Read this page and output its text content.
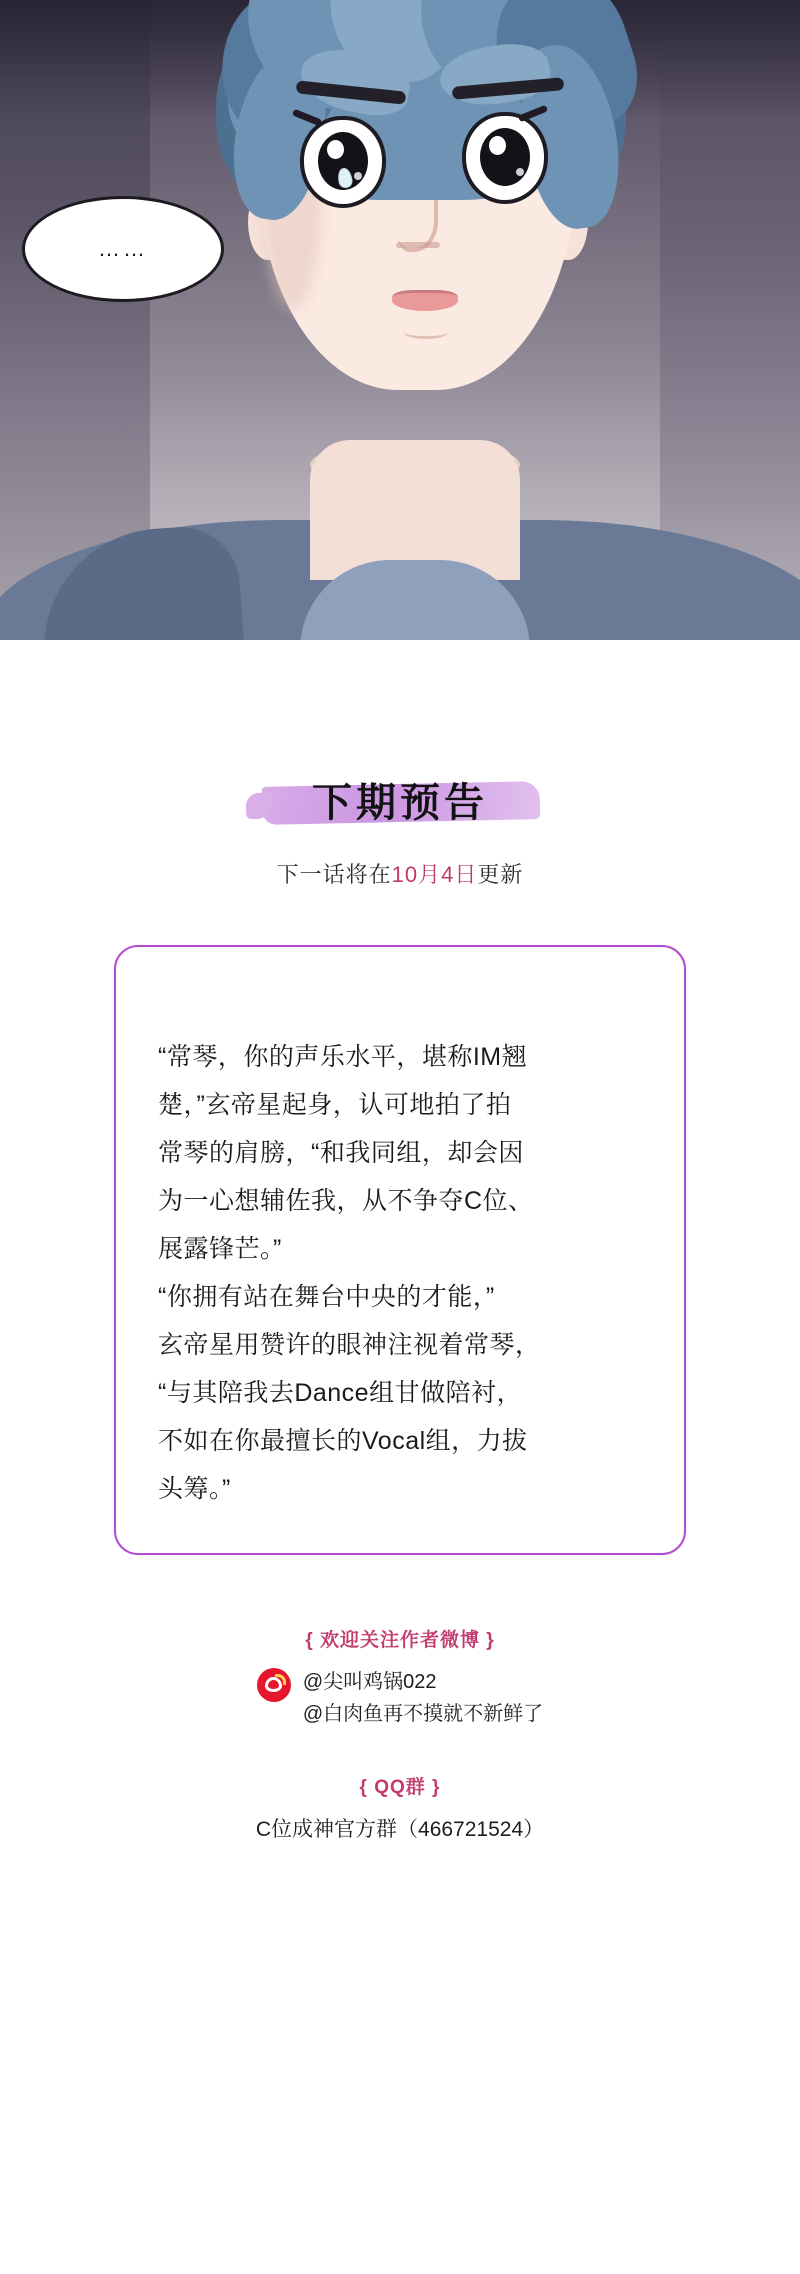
……
下期预告
下一话将在10月4日更新

“常琴，你的声乐水平，堪称IM翘

楚，”玄帝星起身，认可地拍了拍

常琴的肩膀，“和我同组，却会因

为一心想辅佐我，从不争夺C位、

展露锋芒。”

“你拥有站在舞台中央的才能，”

玄帝星用赞许的眼神注视着常琴，

“与其陪我去Dance组甘做陪衬，

不如在你最擅长的Vocal组，力拔

头筹。”

{ 欢迎关注作者微博 }
@尖叫鸡锅022
@白肉鱼再不摸就不新鲜了
{ QQ群 }
C位成神官方群（466721524）
